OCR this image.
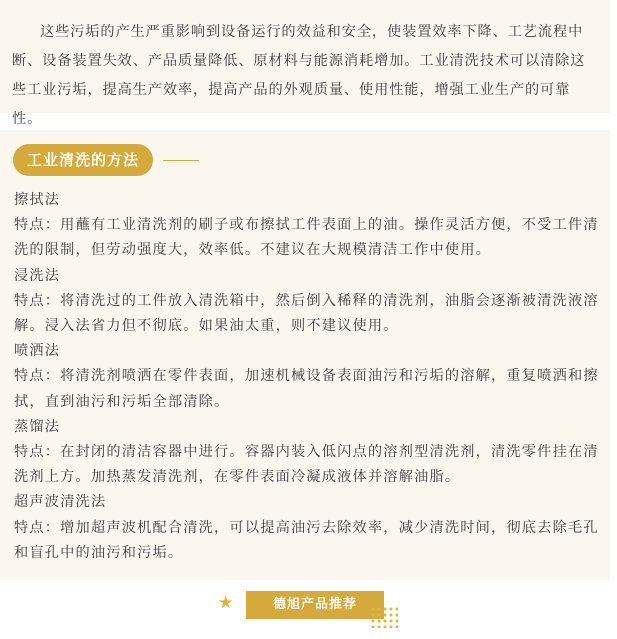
这些污垢的产生严重影响到设备运行的效益和安全，使装置效率下降、工艺流程中断、设备装置失效、产品质量降低、原材料与能源消耗增加。工业清洗技术可以清除这些工业污垢，提高生产效率，提高产品的外观质量、使用性能，增强工业生产的可靠性。

工业清洗的方法

擦拭法

特点：用蘸有工业清洗剂的刷子或布擦拭工件表面上的油。操作灵活方便，不受工件清洗的限制，但劳动强度大，效率低。不建议在大规模清洁工作中使用。

浸洗法

特点：将清洗过的工件放入清洗箱中，然后倒入稀释的清洗剂，油脂会逐渐被清洗液溶解。浸入法省力但不彻底。如果油太重，则不建议使用。

喷洒法

特点：将清洗剂喷洒在零件表面，加速机械设备表面油污和污垢的溶解，重复喷洒和擦拭，直到油污和污垢全部清除。

蒸馏法

特点：在封闭的清洁容器中进行。容器内装入低闪点的溶剂型清洗剂，清洗零件挂在清洗剂上方。加热蒸发清洗剂，在零件表面冷凝成液体并溶解油脂。

超声波清洗法

特点：增加超声波机配合清洗，可以提高油污去除效率，减少清洗时间，彻底去除毛孔和盲孔中的油污和污垢。

★	德旭产品推荐
